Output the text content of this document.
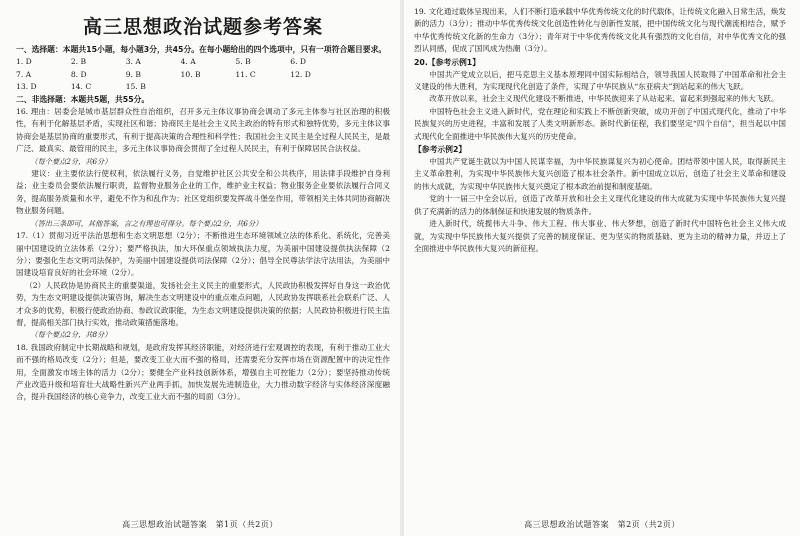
高三思想政治试题参考答案

一、选择题：本题共15小题，每小题3分，共45分。在每小题给出的四个选项中，只有一项符合题目要求。

1. D	2. B	3. A	4. A	5. B	6. D
7. A	8. D	9. B	10. B	11. C	12. D
13. D	14. C	15. B

二、非选择题：本题共5题，共55分。

16. 理由：居委会是城市基层群众性自治组织，召开多元主体议事协商会调动了多元主体参与社区治理的积极性，有利于化解基层矛盾，实现社区和谐；协商民主是社会主义民主政治的特有形式和独特优势，多元主体议事协商会是基层协商的重要形式，有利于提高决策的合理性和科学性；我国社会主义民主是全过程人民民主，是最广泛、最真实、最管用的民主，多元主体议事协商会贯彻了全过程人民民主，有利于保障居民合法权益。

（每个要点2分，共6分）

建议：业主要依法行使权利，依法履行义务，自觉维护社区公共安全和公共秩序，用法律手段维护自身利益；业主委员会要依法履行职责，监督物业服务企业的工作，维护业主权益；物业服务企业要依法履行合同义务，提高服务质量和水平，避免不作为和乱作为；社区党组织要发挥战斗堡垒作用，带领相关主体共同协商解决物业服务问题。

（答出三条即可，其他答案，言之有理也可得分。每个要点2分，共6分）

17.（1）贯彻习近平法治思想和生态文明思想（2分）；不断推进生态环境领域立法的体系化、系统化，完善美丽中国建设的立法体系（2分）；要严格执法，加大环保重点领域执法力度，为美丽中国建设提供执法保障（2分）；要强化生态文明司法保护，为美丽中国建设提供司法保障（2分）；倡导全民尊法学法守法用法，为美丽中国建设培育良好的社会环境（2分）。

（2）人民政协是协商民主的重要渠道，发扬社会主义民主的重要形式，人民政协积极发挥好自身这一政治优势，为生态文明建设提供决策咨询，解决生态文明建设中的重点难点问题，人民政协发挥联系社会联系广泛、人才众多的优势，积极行使政治协商、参政议政职能，为生态文明建设提供决策的依据；人民政协积极进行民主监督，提高相关部门执行实效，推动政策措施落地。

（每个要点2分，共8分）

18. 我国政府制定中长期战略和规划，是政府发挥其经济职能，对经济进行宏观调控的表现，有利于推动工业大而不强的格局改变（2分）；但是，要改变工业大而不强的格局，还需要充分发挥市场在资源配置中的决定性作用，全面激发市场主体的活力（2分）；要健全产业科技创新体系，增强自主可控能力（2分）；要坚持推动传统产业改造升级和培育壮大战略性新兴产业两手抓，加快发展先进制造业，大力推动数字经济与实体经济深度融合，提升我国经济的核心竞争力，改变工业大而不强的局面（3分）。

高三思想政治试题答案　第1页（共2页）

19. 文化通过载体呈现出来，人们不断打造承载中华优秀传统文化的时代载体，让传统文化融入日常生活，焕发新的活力（3分）；推动中华优秀传统文化创造性转化与创新性发展，把中国传统文化与现代潮流相结合，赋予中华优秀传统文化新的生命力（3分）；青年对于中华优秀传统文化具有强烈的文化自信，对中华优秀文化的强烈认同感，促成了国风成为热潮（3分）。

20.【参考示例1】

中国共产党成立以后，把马克思主义基本原理同中国实际相结合，领导我国人民取得了中国革命和社会主义建设的伟大胜利，为实现现代化创造了条件，实现了中华民族从“东亚病夫”到站起来的伟大飞跃。

改革开放以来，社会主义现代化建设不断推进，中华民族迎来了从站起来、富起来到强起来的伟大飞跃。

中国特色社会主义进入新时代，党在理论和实践上不断创新突破，成功开创了中国式现代化，推动了中华民族复兴的历史进程，丰富和发展了人类文明新形态。新时代新征程，我们要坚定“四个自信”，担当起以中国式现代化全面推进中华民族伟大复兴的历史使命。

【参考示例2】

中国共产党诞生就以为中国人民谋幸福，为中华民族谋复兴为初心使命。团结带领中国人民，取得新民主主义革命胜利，为实现中华民族伟大复兴创造了根本社会条件。新中国成立以后，创造了社会主义革命和建设的伟大成就，为实现中华民族伟大复兴奠定了根本政治前提和制度基础。

党的十一届三中全会以后，创造了改革开放和社会主义现代化建设的伟大成就为实现中华民族伟大复兴提供了充满新的活力的体制保证和快速发展的物质条件。

进入新时代，统揽伟大斗争、伟大工程、伟大事业、伟大梦想，创造了新时代中国特色社会主义伟大成就，为实现中华民族伟大复兴提供了完善的制度保证、更为坚实的物质基础、更为主动的精神力量，并迈上了全面推进中华民族伟大复兴的新征程。

高三思想政治试题答案　第2页（共2页）
